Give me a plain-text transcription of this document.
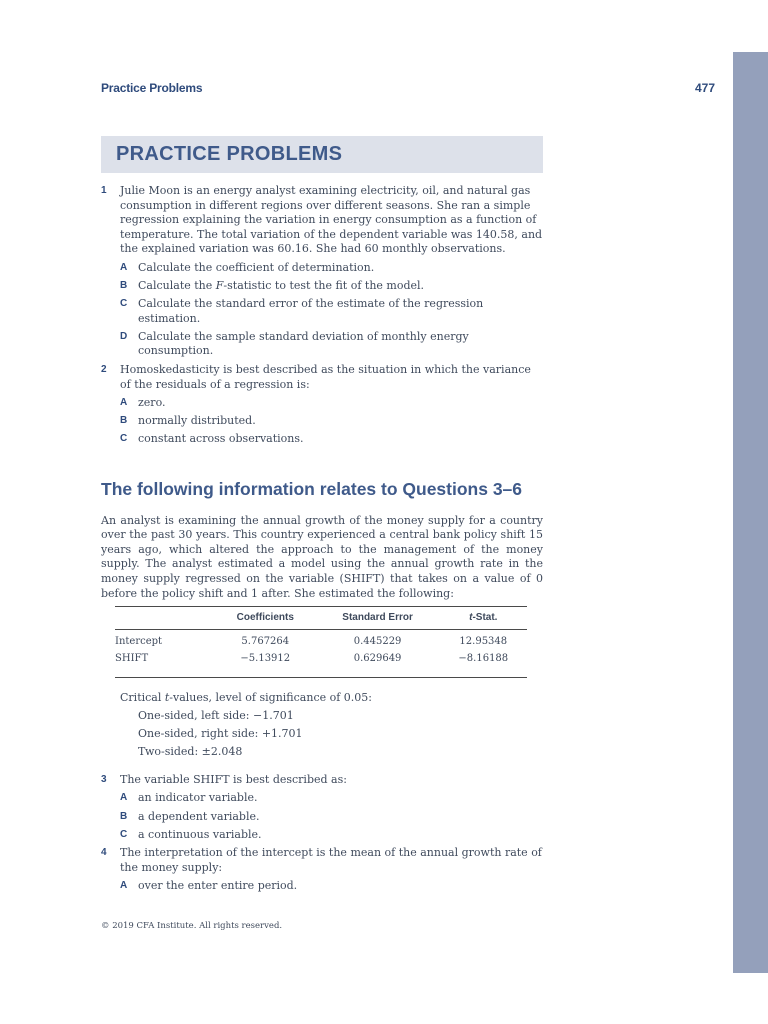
Practice Problems	477
PRACTICE PROBLEMS
1 Julie Moon is an energy analyst examining electricity, oil, and natural gas consumption in different regions over different seasons. She ran a simple regression explaining the variation in energy consumption as a function of temperature. The total variation of the dependent variable was 140.58, and the explained variation was 60.16. She had 60 monthly observations.
A Calculate the coefficient of determination.
B Calculate the F-statistic to test the fit of the model.
C Calculate the standard error of the estimate of the regression estimation.
D Calculate the sample standard deviation of monthly energy consumption.
2 Homoskedasticity is best described as the situation in which the variance of the residuals of a regression is:
A zero.
B normally distributed.
C constant across observations.
The following information relates to Questions 3–6
An analyst is examining the annual growth of the money supply for a country over the past 30 years. This country experienced a central bank policy shift 15 years ago, which altered the approach to the management of the money supply. The analyst estimated a model using the annual growth rate in the money supply regressed on the variable (SHIFT) that takes on a value of 0 before the policy shift and 1 after. She estimated the following:
	Coefficients	Standard Error	t-Stat.
Intercept	5.767264	0.445229	12.95348
SHIFT	−5.13912	0.629649	−8.16188

Critical t-values, level of significance of 0.05:
One-sided, left side: −1.701
One-sided, right side: +1.701
Two-sided: ±2.048
3 The variable SHIFT is best described as:
A an indicator variable.
B a dependent variable.
C a continuous variable.
4 The interpretation of the intercept is the mean of the annual growth rate of the money supply:
A over the enter entire period.
© 2019 CFA Institute. All rights reserved.
